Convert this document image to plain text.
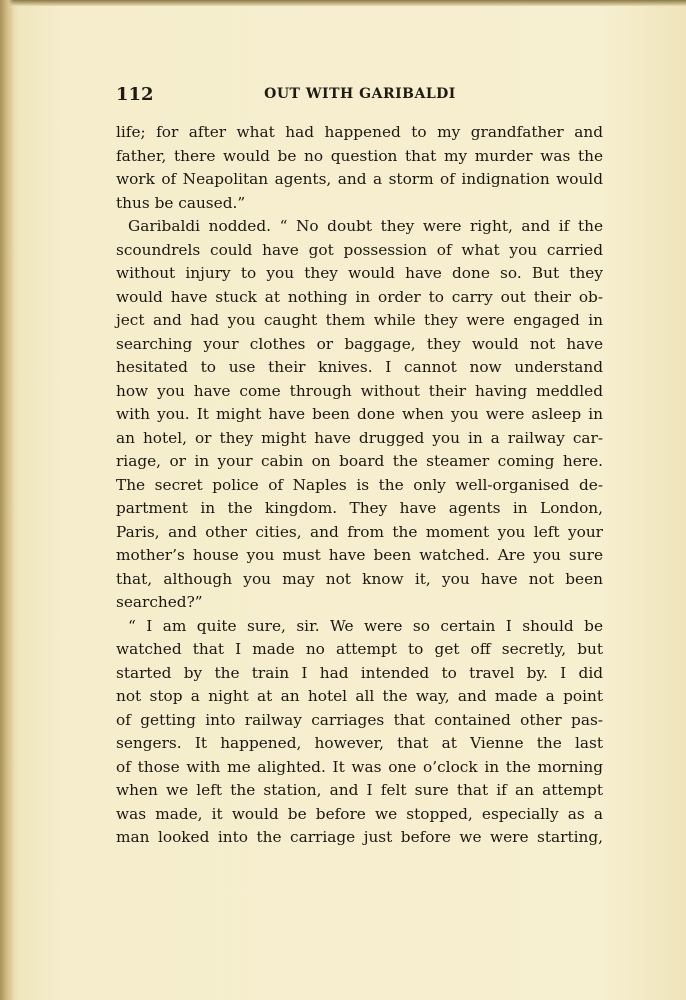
112	OUT WITH GARIBALDI
life; for after what had happened to my grandfather and
father, there would be no question that my murder was the
work of Neapolitan agents, and a storm of indignation would
thus be caused.”
Garibaldi nodded. “ No doubt they were right, and if the
scoundrels could have got possession of what you carried
without injury to you they would have done so. But they
would have stuck at nothing in order to carry out their ob-
ject and had you caught them while they were engaged in
searching your clothes or baggage, they would not have
hesitated to use their knives. I cannot now understand
how you have come through without their having meddled
with you. It might have been done when you were asleep in
an hotel, or they might have drugged you in a railway car-
riage, or in your cabin on board the steamer coming here.
The secret police of Naples is the only well-organised de-
partment in the kingdom. They have agents in London,
Paris, and other cities, and from the moment you left your
mother’s house you must have been watched. Are you sure
that, although you may not know it, you have not been
searched?”
“ I am quite sure, sir. We were so certain I should be
watched that I made no attempt to get off secretly, but
started by the train I had intended to travel by. I did
not stop a night at an hotel all the way, and made a point
of getting into railway carriages that contained other pas-
sengers. It happened, however, that at Vienne the last
of those with me alighted. It was one o’clock in the morning
when we left the station, and I felt sure that if an attempt
was made, it would be before we stopped, especially as a
man looked into the carriage just before we were starting,
